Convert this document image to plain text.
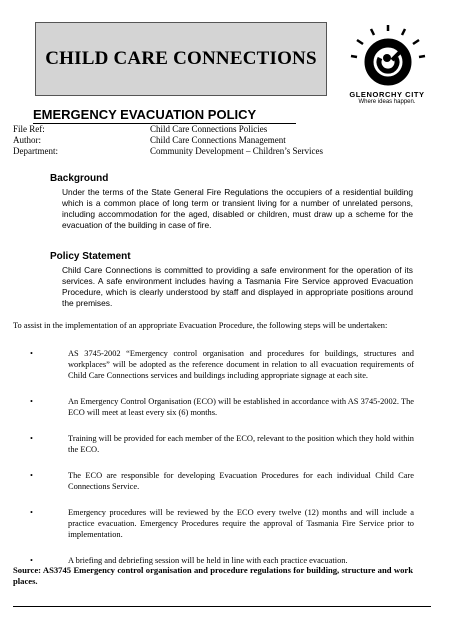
CHILD CARE CONNECTIONS
GLENORCHY CITY
Where ideas happen.
EMERGENCY EVACUATION POLICY
File Ref:	Child Care Connections Policies
Author:	Child Care Connections Management
Department:	Community Development – Children’s Services
Background
Under the terms of the State General Fire Regulations the occupiers of a residential building which is a common place of long term or transient living for a number of unrelated persons, including accommodation for the aged, disabled or children, must draw up a scheme for the evacuation of the building in case of fire.
Policy Statement
Child Care Connections is committed to providing a safe environment for the operation of its services. A safe environment includes having a Tasmania Fire Service approved Evacuation Procedure, which is clearly understood by staff and displayed in appropriate positions around the premises.
To assist in the implementation of an appropriate Evacuation Procedure, the following steps will be undertaken:
•	AS 3745-2002 “Emergency control organisation and procedures for buildings, structures and workplaces” will be adopted as the reference document in relation to all evacuation requirements of Child Care Connections services and buildings including appropriate signage at each site.
•	An Emergency Control Organisation (ECO) will be established in accordance with AS 3745-2002. The ECO will meet at least every six (6) months.
•	Training will be provided for each member of the ECO, relevant to the position which they hold within the ECO.
•	The ECO are responsible for developing Evacuation Procedures for each individual Child Care Connections Service.
•	Emergency procedures will be reviewed by the ECO every twelve (12) months and will include a practice evacuation. Emergency Procedures require the approval of Tasmania Fire Service prior to implementation.
•	A briefing and debriefing session will be held in line with each practice evacuation.
Source: AS3745 Emergency control organisation and procedure regulations for building, structure and work places.
